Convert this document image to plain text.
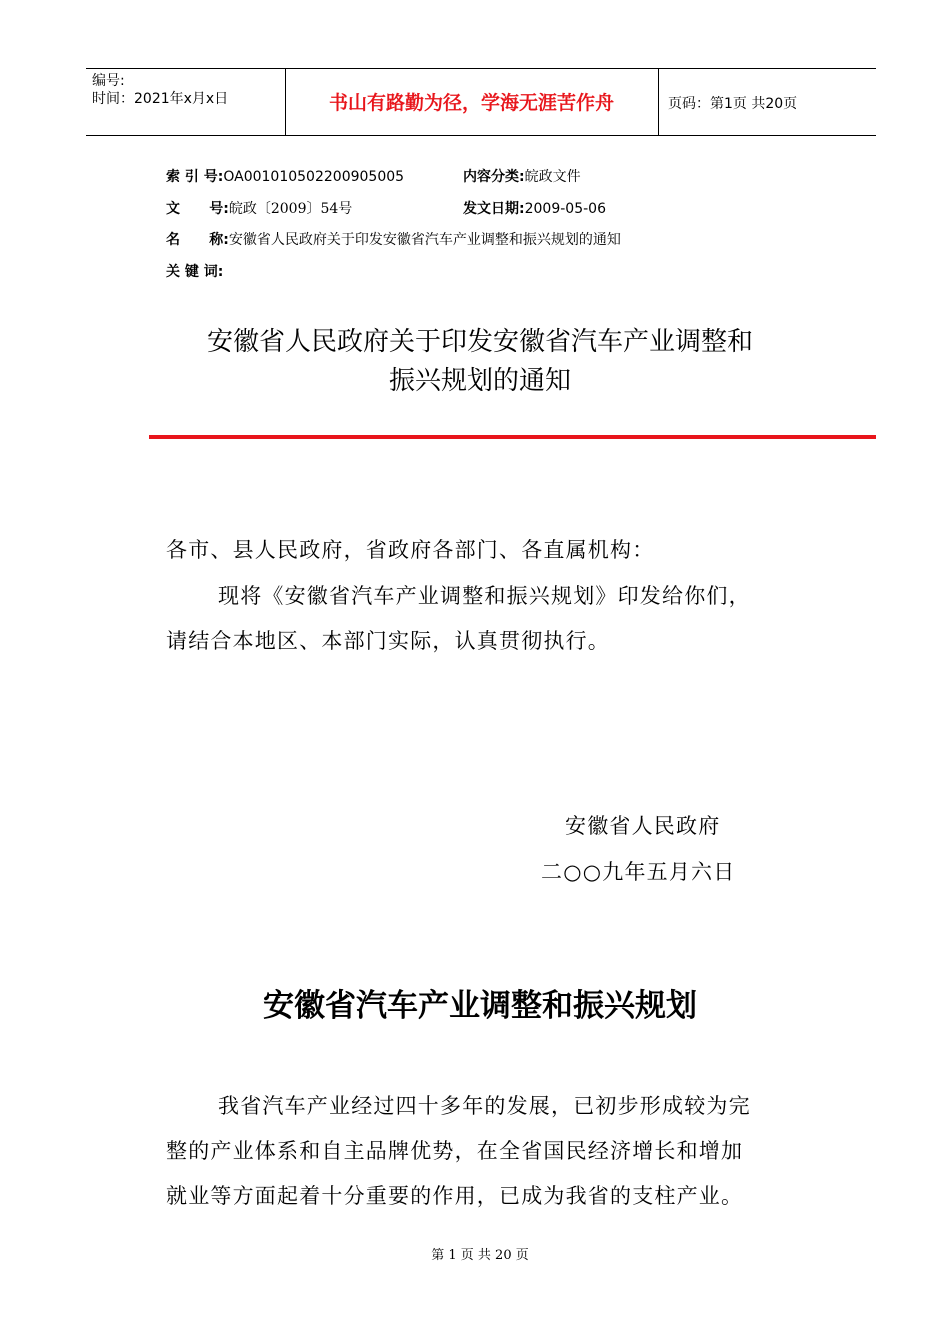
编号:
时间：2021年x月x日	书山有路勤为径，学海无涯苦作舟	页码：第1页 共20页
索 引 号:OA001010502200905005	内容分类:皖政文件
文      号:皖政〔2009〕54号	发文日期:2009-05-06
名      称:安徽省人民政府关于印发安徽省汽车产业调整和振兴规划的通知
关 键 词:
安徽省人民政府关于印发安徽省汽车产业调整和
振兴规划的通知
各市、县人民政府，省政府各部门、各直属机构：
现将《安徽省汽车产业调整和振兴规划》印发给你们，
请结合本地区、本部门实际，认真贯彻执行。
安徽省人民政府
二○○九年五月六日
安徽省汽车产业调整和振兴规划
我省汽车产业经过四十多年的发展，已初步形成较为完
整的产业体系和自主品牌优势，在全省国民经济增长和增加
就业等方面起着十分重要的作用，已成为我省的支柱产业。
第 1 页 共 20 页
